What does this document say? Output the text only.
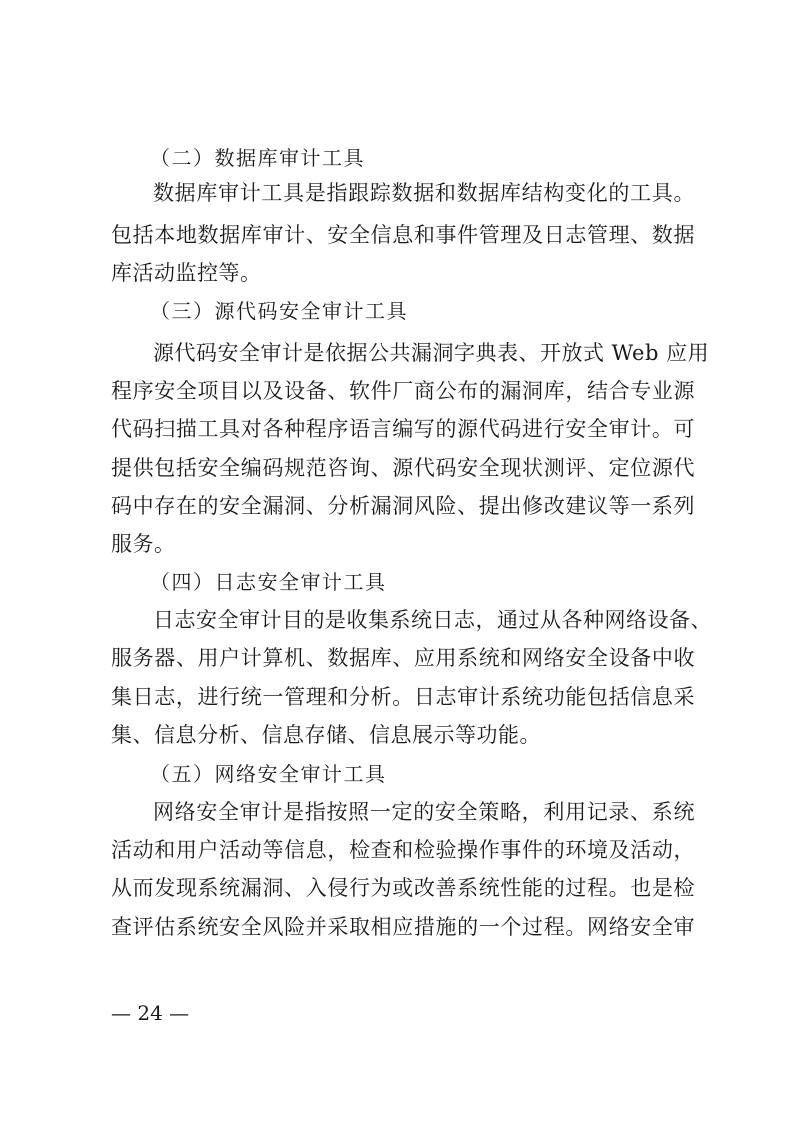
（二）数据库审计工具
数据库审计工具是指跟踪数据和数据库结构变化的工具。
包括本地数据库审计、安全信息和事件管理及日志管理、数据
库活动监控等。
（三）源代码安全审计工具
源代码安全审计是依据公共漏洞字典表、开放式 Web 应用
程序安全项目以及设备、软件厂商公布的漏洞库，结合专业源
代码扫描工具对各种程序语言编写的源代码进行安全审计。可
提供包括安全编码规范咨询、源代码安全现状测评、定位源代
码中存在的安全漏洞、分析漏洞风险、提出修改建议等一系列
服务。
（四）日志安全审计工具
日志安全审计目的是收集系统日志，通过从各种网络设备、
服务器、用户计算机、数据库、应用系统和网络安全设备中收
集日志，进行统一管理和分析。日志审计系统功能包括信息采
集、信息分析、信息存储、信息展示等功能。
（五）网络安全审计工具
网络安全审计是指按照一定的安全策略，利用记录、系统
活动和用户活动等信息，检查和检验操作事件的环境及活动，
从而发现系统漏洞、入侵行为或改善系统性能的过程。也是检
查评估系统安全风险并采取相应措施的一个过程。网络安全审
— 24 —
